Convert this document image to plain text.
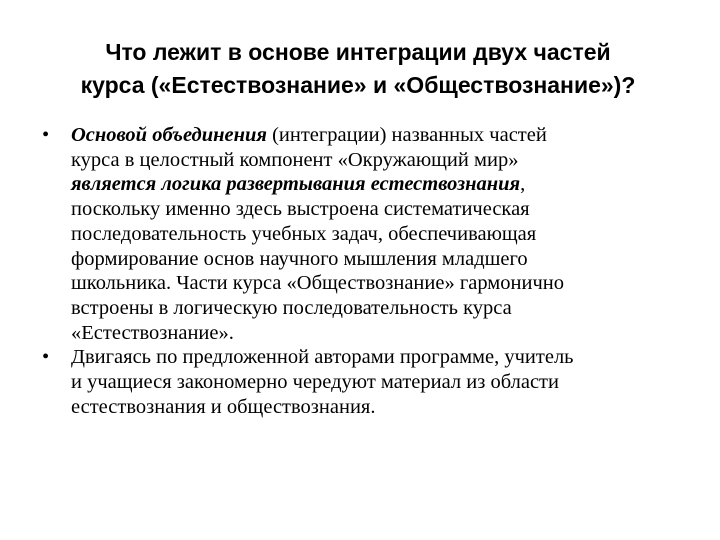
Что лежит в основе интеграции двух частей
курса («Естествознание» и «Обществознание»)?
• Основой объединения (интеграции) названных частей
курса в целостный компонент «Окружающий мир»
является логика развертывания естествознания,
поскольку именно здесь выстроена систематическая
последовательность учебных задач, обеспечивающая
формирование основ научного мышления младшего
школьника. Части курса «Обществознание» гармонично
встроены в логическую последовательность курса
«Естествознание».
• Двигаясь по предложенной авторами программе, учитель
и учащиеся закономерно чередуют материал из области
естествознания и обществознания.
